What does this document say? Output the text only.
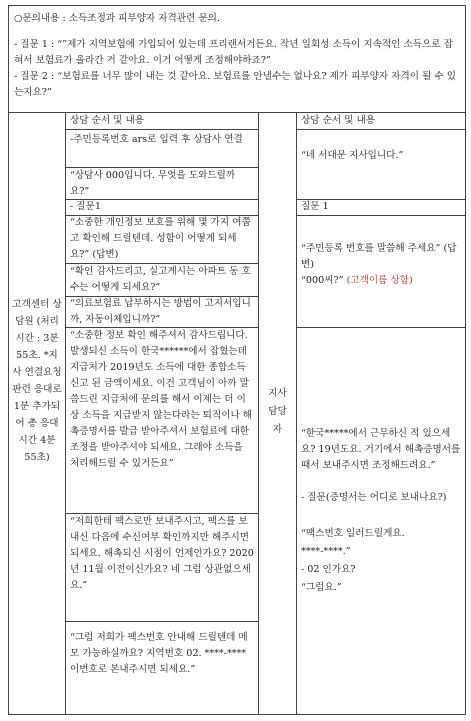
○문의내용 : 소득조정과 피부양자 자격관련 문의.

- 질문 1 : “”제가 지역보험에 가입되어 있는데 프리랜서거든요. 작년 일회성 소득이 지속적인 소득으로 잡혀서 보험료가 올라간 거 같아요. 이거 어떻게 조정해야하죠?”

- 질문 2 : “보험료를 너무 많이 내는 것 같아요. 보험료를 안낼수는 없나요? 제가 피부양자 자격이 될 수 있는지요?”

고객센터 상담원 (처리 시간 : 3분 55초. *지사 연결요청판련 응대로 1분 추가되어 총 응대시간 4분 55초)
지사담당자
상담 순서 및 내용	상담 순서 및 내용
-주민등록번호 ars로 입력 후 상담사 연결
“상담사 000입니다. 무엇을 도와드릴까요?”
- 질문1
“소중한 개인정보 보호를 위해 몇 가지 여쭙고 확인해 드릴텐데. 성함이 어떻게 되세요?” (답변)
“확인 감사드리고, 실고계시는 아파트 동 호수는 어떻게 되세요?”
“의료보험료 납부하시는 방법이 고지서입니까, 자동이체입니까?”
“소중한 정보 확인 해주셔서 감사드립니다. 발생되신 소득이 한국******에서 잡혔는데 지급처가 2019년도 소득에 대한 종합소득 신고 된 금액이세요. 이건 고객님이 아까 말씀드린 지급처에 문의를 해서 이제는 더 이상 소득을 지급받지 않는다라는 퇴직이나 해촉증명서를 발급 받아주셔서 보험료에 대한 조정을 받아주셔야 되세요. 그래야 소득을 처리해드릴 수 있거든요”
“저희한테 팩스로만 보내주시고, 팩스를 보내신 다음에 수신여부 확인까지만 해주시면 되세요. 해촉되신 시점이 언제인가요? 2020년 11월 이전이신가요? 네 그럼 상관없으세요.”
“그럼 저희가 팩스번호 안내해 드릴텐데 메모 가능하실까요? 지역번호 02. ****-**** 이번호로 본내주시면 되세요.”
“네 서대문 지사입니다.”
질문 1
“주민등록 번호를 말씀해 주세요” (답변)
“000씨?” (고객이름 상함)
“한국*****에서 근무하신 적 있으세요? 19년도요. 거기에서 해촉증명서를 때서 보내주시면 조정해드려요.”
- 질문(증명서는 어디로 보내나요?)
“팩스번호 일러드릴게요.
****-****.”
- 02 인가요?
“그럼요.”
